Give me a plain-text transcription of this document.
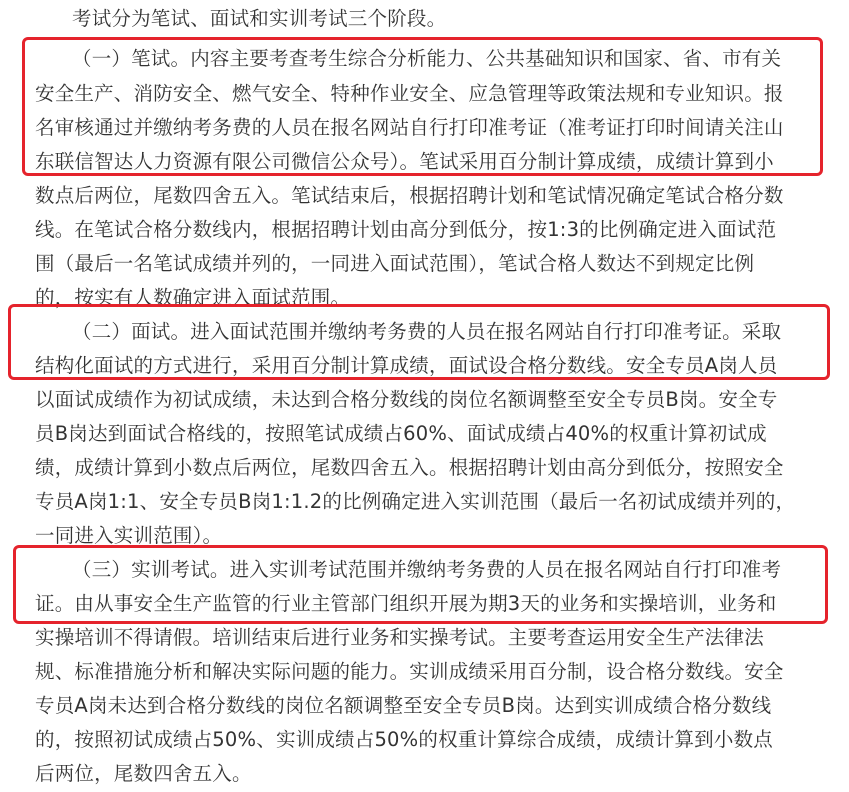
考试分为笔试、面试和实训考试三个阶段。
（一）笔试。内容主要考查考生综合分析能力、公共基础知识和国家、省、市有关
安全生产、消防安全、燃气安全、特种作业安全、应急管理等政策法规和专业知识。报
名审核通过并缴纳考务费的人员在报名网站自行打印准考证（准考证打印时间请关注山
东联信智达人力资源有限公司微信公众号）。笔试采用百分制计算成绩，成绩计算到小
数点后两位，尾数四舍五入。笔试结束后，根据招聘计划和笔试情况确定笔试合格分数
线。在笔试合格分数线内，根据招聘计划由高分到低分，按1:3的比例确定进入面试范
围（最后一名笔试成绩并列的，一同进入面试范围），笔试合格人数达不到规定比例
的，按实有人数确定进入面试范围。
（二）面试。进入面试范围并缴纳考务费的人员在报名网站自行打印准考证。采取
结构化面试的方式进行，采用百分制计算成绩，面试设合格分数线。安全专员A岗人员
以面试成绩作为初试成绩，未达到合格分数线的岗位名额调整至安全专员B岗。安全专
员B岗达到面试合格线的，按照笔试成绩占60%、面试成绩占40%的权重计算初试成
绩，成绩计算到小数点后两位，尾数四舍五入。根据招聘计划由高分到低分，按照安全
专员A岗1:1、安全专员B岗1:1.2的比例确定进入实训范围（最后一名初试成绩并列的，
一同进入实训范围）。
（三）实训考试。进入实训考试范围并缴纳考务费的人员在报名网站自行打印准考
证。由从事安全生产监管的行业主管部门组织开展为期3天的业务和实操培训，业务和
实操培训不得请假。培训结束后进行业务和实操考试。主要考查运用安全生产法律法
规、标准措施分析和解决实际问题的能力。实训成绩采用百分制，设合格分数线。安全
专员A岗未达到合格分数线的岗位名额调整至安全专员B岗。达到实训成绩合格分数线
的，按照初试成绩占50%、实训成绩占50%的权重计算综合成绩，成绩计算到小数点
后两位，尾数四舍五入。
